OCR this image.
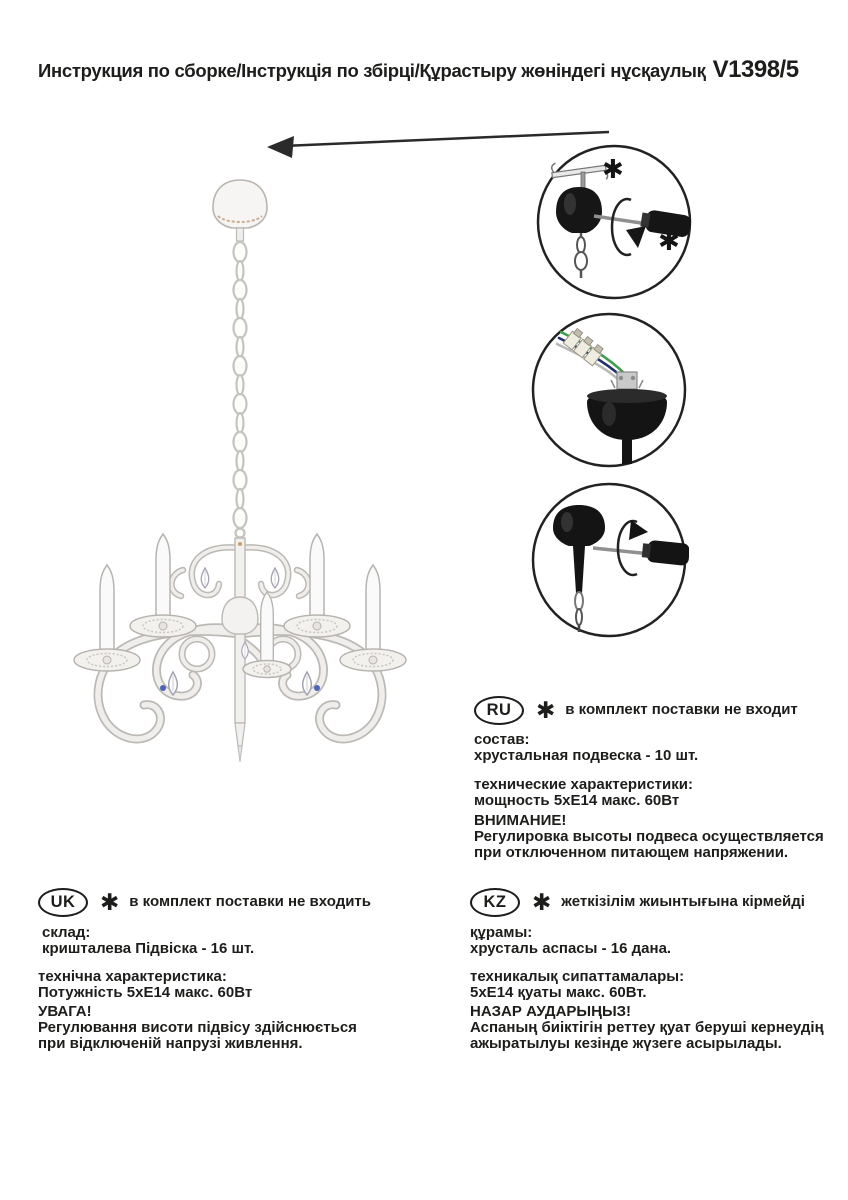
Инструкция по сборке/Інструкція по збірці/Құрастыру жөніндегі нұсқаулық V1398/5
✱
✱
RU	✱ в комплект поставки не входит
состав:
хрустальная подвеска - 10 шт.
технические характеристики:
мощность 5хЕ14 макс. 60Вт
ВНИМАНИЕ!
Регулировка высоты подвеса осуществляется
при отключенном питающем напряжении.
UK	✱ в комплект поставки не входить
склад:
кришталева Підвіска - 16 шт.
технічна характеристика:
Потужність 5хЕ14 макс. 60Вт
УВАГА!
Регулювання висоти підвісу здійснюється
при відключеній напрузі живлення.
KZ	✱ жеткізілім жиынтығына кірмейді
құрамы:
хрусталь аспасы - 16 дана.
техникалық сипаттамалары:
5хЕ14 қуаты макс. 60Вт.
НАЗАР АУДАРЫҢЫЗ!
Аспаның биіктігін реттеу қуат беруші кернеудің
ажыратылуы кезінде жүзеге асырылады.
